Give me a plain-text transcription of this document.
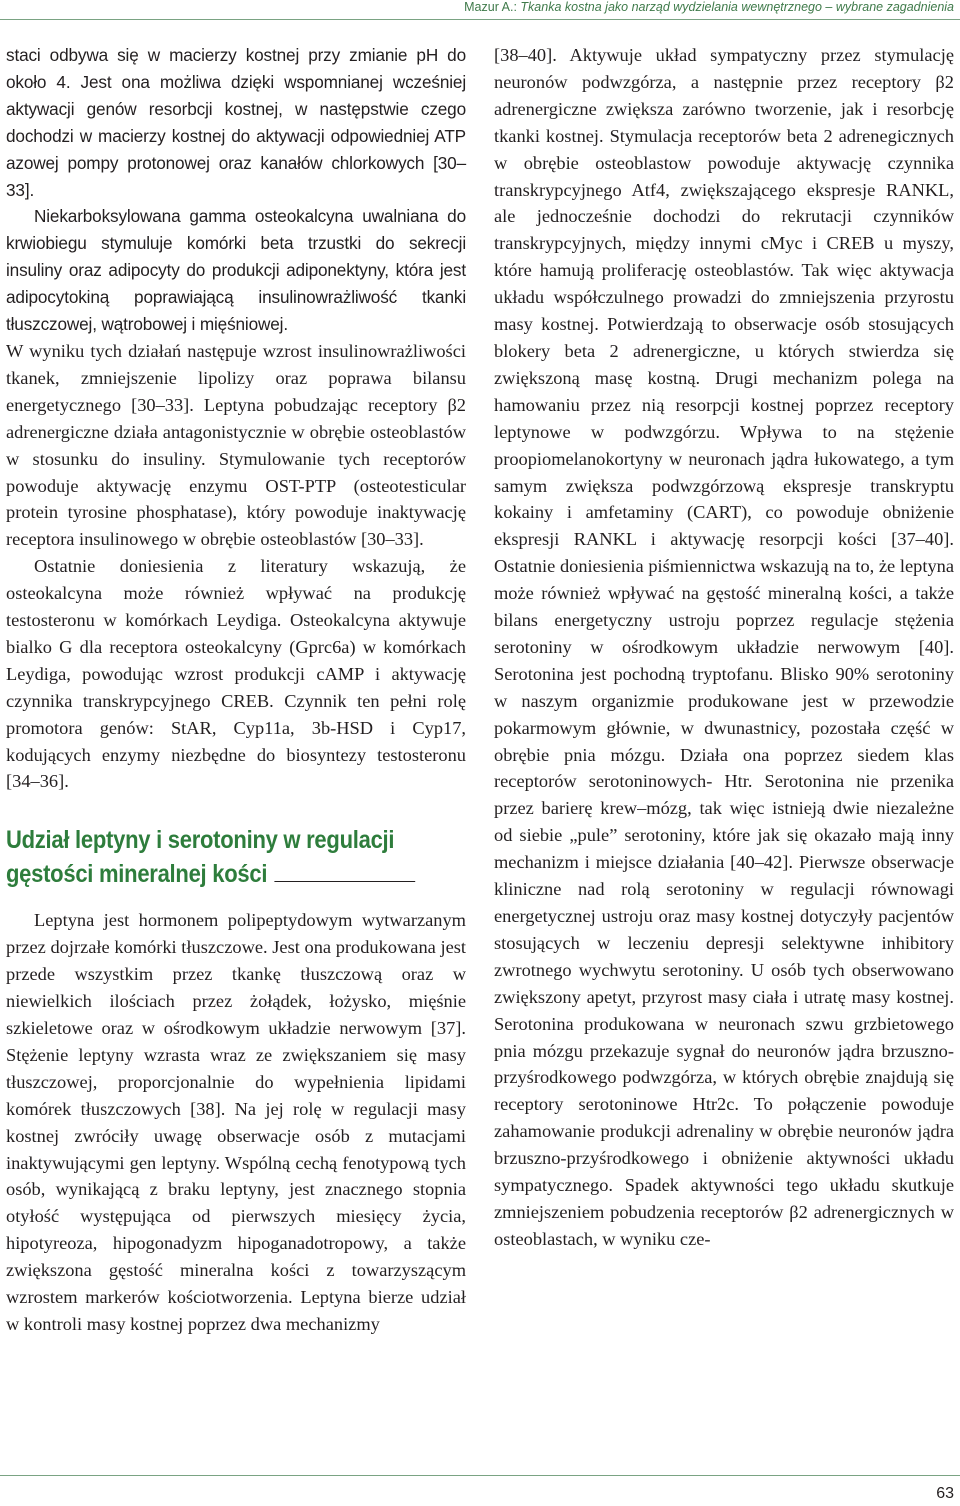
Mazur A.: Tkanka kostna jako narząd wydzielania wewnętrznego – wybrane zagadnienia

staci odbywa się w macierzy kostnej przy zmianie pH do około 4. Jest ona możliwa dzięki wspomnianej wcześniej aktywacji genów resorbcji kostnej, w następstwie czego dochodzi w macierzy kostnej do aktywacji odpowiedniej ATP azowej pompy protonowej oraz kanałów chlorkowych [30–33].

Niekarboksylowana gamma osteokalcyna uwalniana do krwiobiegu stymuluje komórki beta trzustki do sekrecji insuliny oraz adipocyty do produkcji adiponektyny, która jest adipocytokiną poprawiającą insulinowrażliwość tkanki tłuszczowej, wątrobowej i mięśniowej.

W wyniku tych działań następuje wzrost insulinowrażliwości tkanek, zmniejszenie lipolizy oraz poprawa bilansu energetycznego [30–33]. Leptyna pobudzając receptory β2 adrenergiczne działa antagonistycznie w obrębie osteoblastów w stosunku do insuliny. Stymulowanie tych receptorów powoduje aktywację enzymu OST-PTP (osteotesticular protein tyrosine phosphatase), który powoduje inaktywację receptora insulinowego w obrębie osteoblastów [30–33].

Ostatnie doniesienia z literatury wskazują, że osteokalcyna może również wpływać na produkcję testosteronu w komórkach Leydiga. Osteokalcyna aktywuje bialko G dla receptora osteokalcyny (Gprc6a) w komórkach Leydiga, powodując wzrost produkcji cAMP i aktywację czynnika transkrypcyjnego CREB. Czynnik ten pełni rolę promotora genów: StAR, Cyp11a, 3b-HSD i Cyp17, kodujących enzymy niezbędne do biosyntezy testosteronu [34–36].

Udział leptyny i serotoniny w regulacji
gęstości mineralnej kości

Leptyna jest hormonem polipeptydowym wytwarzanym przez dojrzałe komórki tłuszczowe. Jest ona produkowana jest przede wszystkim przez tkankę tłuszczową oraz w niewielkich ilościach przez żołądek, łożysko, mięśnie szkieletowe oraz w ośrodkowym układzie nerwowym [37]. Stężenie leptyny wzrasta wraz ze zwiększaniem się masy tłuszczowej, proporcjonalnie do wypełnienia lipidami komórek tłuszczowych [38]. Na jej rolę w regulacji masy kostnej zwróciły uwagę obserwacje osób z mutacjami inaktywującymi gen leptyny. Wspólną cechą fenotypową tych osób, wynikającą z braku leptyny, jest znacznego stopnia otyłość występująca od pierwszych miesięcy życia, hipotyreoza, hipogonadyzm hipoganadotropowy, a także zwiększona gęstość mineralna kości z towarzyszącym wzrostem markerów kościotworzenia. Leptyna bierze udział w kontroli masy kostnej poprzez dwa mechanizmy

[38–40]. Aktywuje układ sympatyczny przez stymulację neuronów podwzgórza, a następnie przez receptory β2 adrenergiczne zwiększa zarówno tworzenie, jak i resorbcję tkanki kostnej. Stymulacja receptorów beta 2 adrenegicznych w obrębie osteoblastow powoduje aktywację czynnika transkrypcyjnego Atf4, zwiększającego ekspresje RANKL, ale jednocześnie dochodzi do rekrutacji czynników transkrypcyjnych, między innymi cMyc i CREB u myszy, które hamują proliferację osteoblastów. Tak więc aktywacja układu współczulnego prowadzi do zmniejszenia przyrostu masy kostnej. Potwierdzają to obserwacje osób stosujących blokery beta 2 adrenergiczne, u których stwierdza się zwiększoną masę kostną. Drugi mechanizm polega na hamowaniu przez nią resorpcji kostnej poprzez receptory leptynowe w podwzgórzu. Wpływa to na stężenie proopiomelanokortyny w neuronach jądra łukowatego, a tym samym zwiększa podwzgórzową ekspresje transkryptu kokainy i amfetaminy (CART), co powoduje obniżenie ekspresji RANKL i aktywację resorpcji kości [37–40]. Ostatnie doniesienia piśmiennictwa wskazują na to, że leptyna może również wpływać na gęstość mineralną kości, a także bilans energetyczny ustroju poprzez regulacje stężenia serotoniny w ośrodkowym układzie nerwowym [40]. Serotonina jest pochodną tryptofanu. Blisko 90% serotoniny w naszym organizmie produkowane jest w przewodzie pokarmowym głównie, w dwunastnicy, pozostała część w obrębie pnia mózgu. Działa ona poprzez siedem klas receptorów serotoninowych- Htr. Serotonina nie przenika przez barierę krew–mózg, tak więc istnieją dwie niezależne od siebie „pule” serotoniny, które jak się okazało mają inny mechanizm i miejsce działania [40–42]. Pierwsze obserwacje kliniczne nad rolą serotoniny w regulacji równowagi energetycznej ustroju oraz masy kostnej dotyczyły pacjentów stosujących w leczeniu depresji selektywne inhibitory zwrotnego wychwytu serotoniny. U osób tych obserwowano zwiększony apetyt, przyrost masy ciała i utratę masy kostnej. Serotonina produkowana w neuronach szwu grzbietowego pnia mózgu przekazuje sygnał do neuronów jądra brzuszno-przyśrodkowego podwzgórza, w których obrębie znajdują się receptory serotoninowe Htr2c. To połączenie powoduje zahamowanie produkcji adrenaliny w obrębie neuronów jądra brzuszno-przyśrodkowego i obniżenie aktywności układu sympatycznego. Spadek aktywności tego układu skutkuje zmniejszeniem pobudzenia receptorów β2 adrenergicznych w osteoblastach, w wyniku cze-

63
